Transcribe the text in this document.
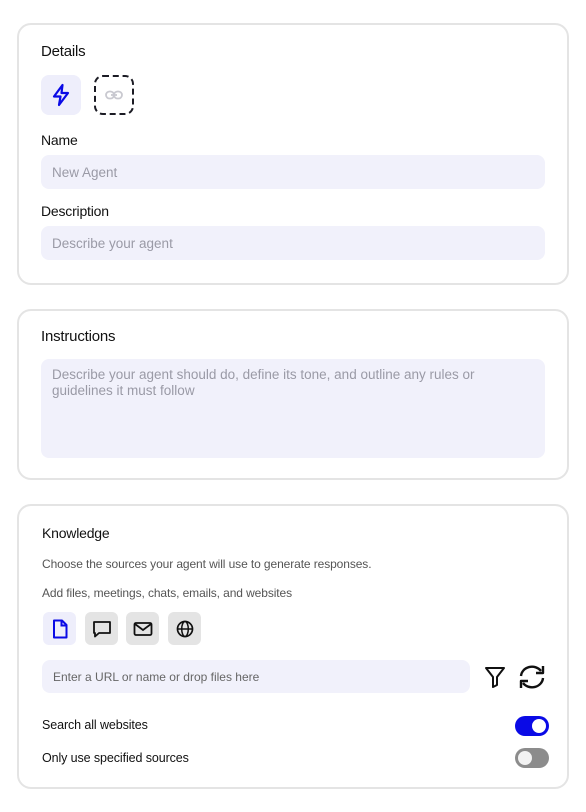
Details
Name
New Agent
Description
Describe your agent
Instructions
Describe your agent should do, define its tone, and outline any rules or guidelines it must follow
Knowledge
Choose the sources your agent will use to generate responses.
Add files, meetings, chats, emails, and websites
Enter a URL or name or drop files here
Search all websites
Only use specified sources
